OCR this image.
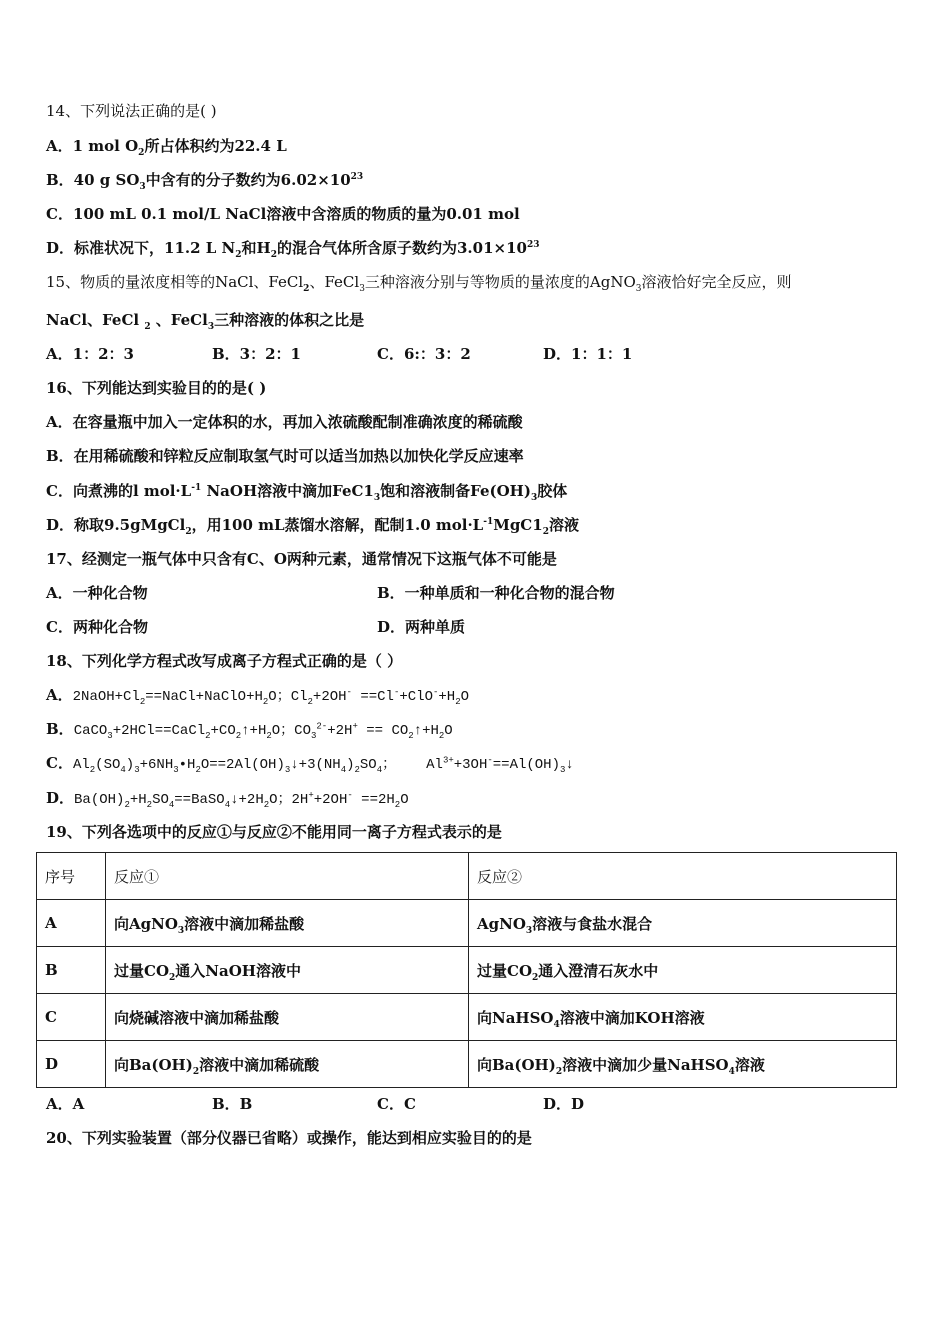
14、下列说法正确的是( )
A．1 mol $O_2$所占体积约为22.4 L
B．40 g $SO_3$中含有的分子数约为$6.02\times 10^{23}$
C．100 mL 0.1 mol/L NaCl溶液中含溶质的物质的量为0.01 mol
D．标准状况下，11.2 L $N_2$和$H_2$的混合气体所含原子数约为$3.01\times 10^{23}$
15、物质的量浓度相等的NaCl、FeCl$_2$、FeCl$_3$三种溶液分别与等物质的量浓度的AgNO$_3$溶液恰好完全反应，则
NaCl、FeCl $_2$ 、FeCl$_3$三种溶液的体积之比是
A．1：2：3	B．3：2：1	C．6:：3：2	D．1：1：1
16、下列能达到实验目的的是( )
A．在容量瓶中加入一定体积的水，再加入浓硫酸配制准确浓度的稀硫酸
B．在用稀硫酸和锌粒反应制取氢气时可以适当加热以加快化学反应速率
C．向煮沸的l $mol\cdot L^{-1}$ NaOH溶液中滴加$FeC1_3$饱和溶液制备$Fe(OH)_3$胶体
D．称取9.5gMgCl$_2$，用100 mL蒸馏水溶解，配制1.0 $mol\cdot L^{-1}MgC1_2$溶液
17、经测定一瓶气体中只含有C、O两种元素，通常情况下这瓶气体不可能是
A．一种化合物	B．一种单质和一种化合物的混合物
C．两种化合物	D．两种单质
18、下列化学方程式改写成离子方程式正确的是（ ）
A．$2NaOH+Cl_2==NaCl+NaClO+H_2O$；$Cl_2+2OH^- ==Cl^-+ClO^-+H_2O$
B．$CaCO_3+2HCl==CaCl_2+CO_2↑+H_2O$；$CO_3^{2-}+2H^+$ == $CO_2↑+H_2O$
C．$Al_2(SO_4)_3+6NH_3•H_2O==2Al(OH)_3↓+3(NH_4)_2SO_4$； $Al^{3+}+3OH^-==Al(OH)_3↓$
D．$Ba(OH)_2+H_2SO_4==BaSO_4↓+2H_2O$；$2H^++2OH^- ==2H_2O$
19、下列各选项中的反应①与反应②不能用同一离子方程式表示的是
序号	反应①	反应②
A	向AgNO$_3$溶液中滴加稀盐酸	AgNO$_3$溶液与食盐水混合
B	过量$CO_2$通入NaOH溶液中	过量$CO_2$通入澄清石灰水中
C	向烧碱溶液中滴加稀盐酸	向NaHSO$_4$溶液中滴加KOH溶液
D	向$Ba(OH)_2$溶液中滴加稀硫酸	向$Ba(OH)_2$溶液中滴加少量NaHSO$_4$溶液
A．A	B．B	C．C	D．D
20、下列实验装置（部分仪器已省略）或操作，能达到相应实验目的的是
